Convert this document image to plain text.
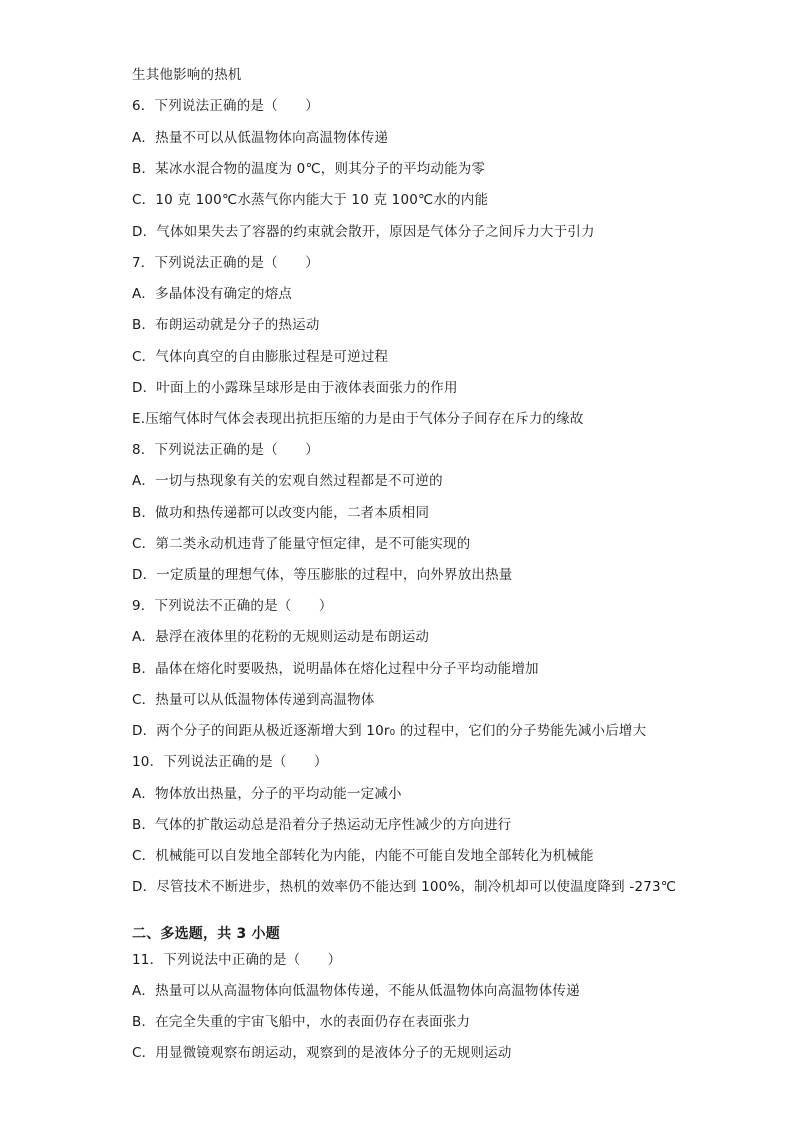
生其他影响的热机
6．下列说法正确的是（　　）
A．热量不可以从低温物体向高温物体传递
B．某冰水混合物的温度为 0℃，则其分子的平均动能为零
C．10 克 100℃水蒸气你内能大于 10 克 100℃水的内能
D．气体如果失去了容器的约束就会散开，原因是气体分子之间斥力大于引力
7．下列说法正确的是（　　）
A．多晶体没有确定的熔点
B．布朗运动就是分子的热运动
C．气体向真空的自由膨胀过程是可逆过程
D．叶面上的小露珠呈球形是由于液体表面张力的作用
E.压缩气体时气体会表现出抗拒压缩的力是由于气体分子间存在斥力的缘故
8．下列说法正确的是（　　）
A．一切与热现象有关的宏观自然过程都是不可逆的
B．做功和热传递都可以改变内能，二者本质相同
C．第二类永动机违背了能量守恒定律，是不可能实现的
D．一定质量的理想气体，等压膨胀的过程中，向外界放出热量
9．下列说法不正确的是（　　）
A．悬浮在液体里的花粉的无规则运动是布朗运动
B．晶体在熔化时要吸热，说明晶体在熔化过程中分子平均动能增加
C．热量可以从低温物体传递到高温物体
D．两个分子的间距从极近逐渐增大到 10r₀ 的过程中，它们的分子势能先减小后增大
10．下列说法正确的是（　　）
A．物体放出热量，分子的平均动能一定减小
B．气体的扩散运动总是沿着分子热运动无序性减少的方向进行
C．机械能可以自发地全部转化为内能，内能不可能自发地全部转化为机械能
D．尽管技术不断进步，热机的效率仍不能达到 100%，制冷机却可以使温度降到 -273℃
二、多选题，共 3 小题
11．下列说法中正确的是（　　）
A．热量可以从高温物体向低温物体传递，不能从低温物体向高温物体传递
B．在完全失重的宇宙飞船中，水的表面仍存在表面张力
C．用显微镜观察布朗运动，观察到的是液体分子的无规则运动
